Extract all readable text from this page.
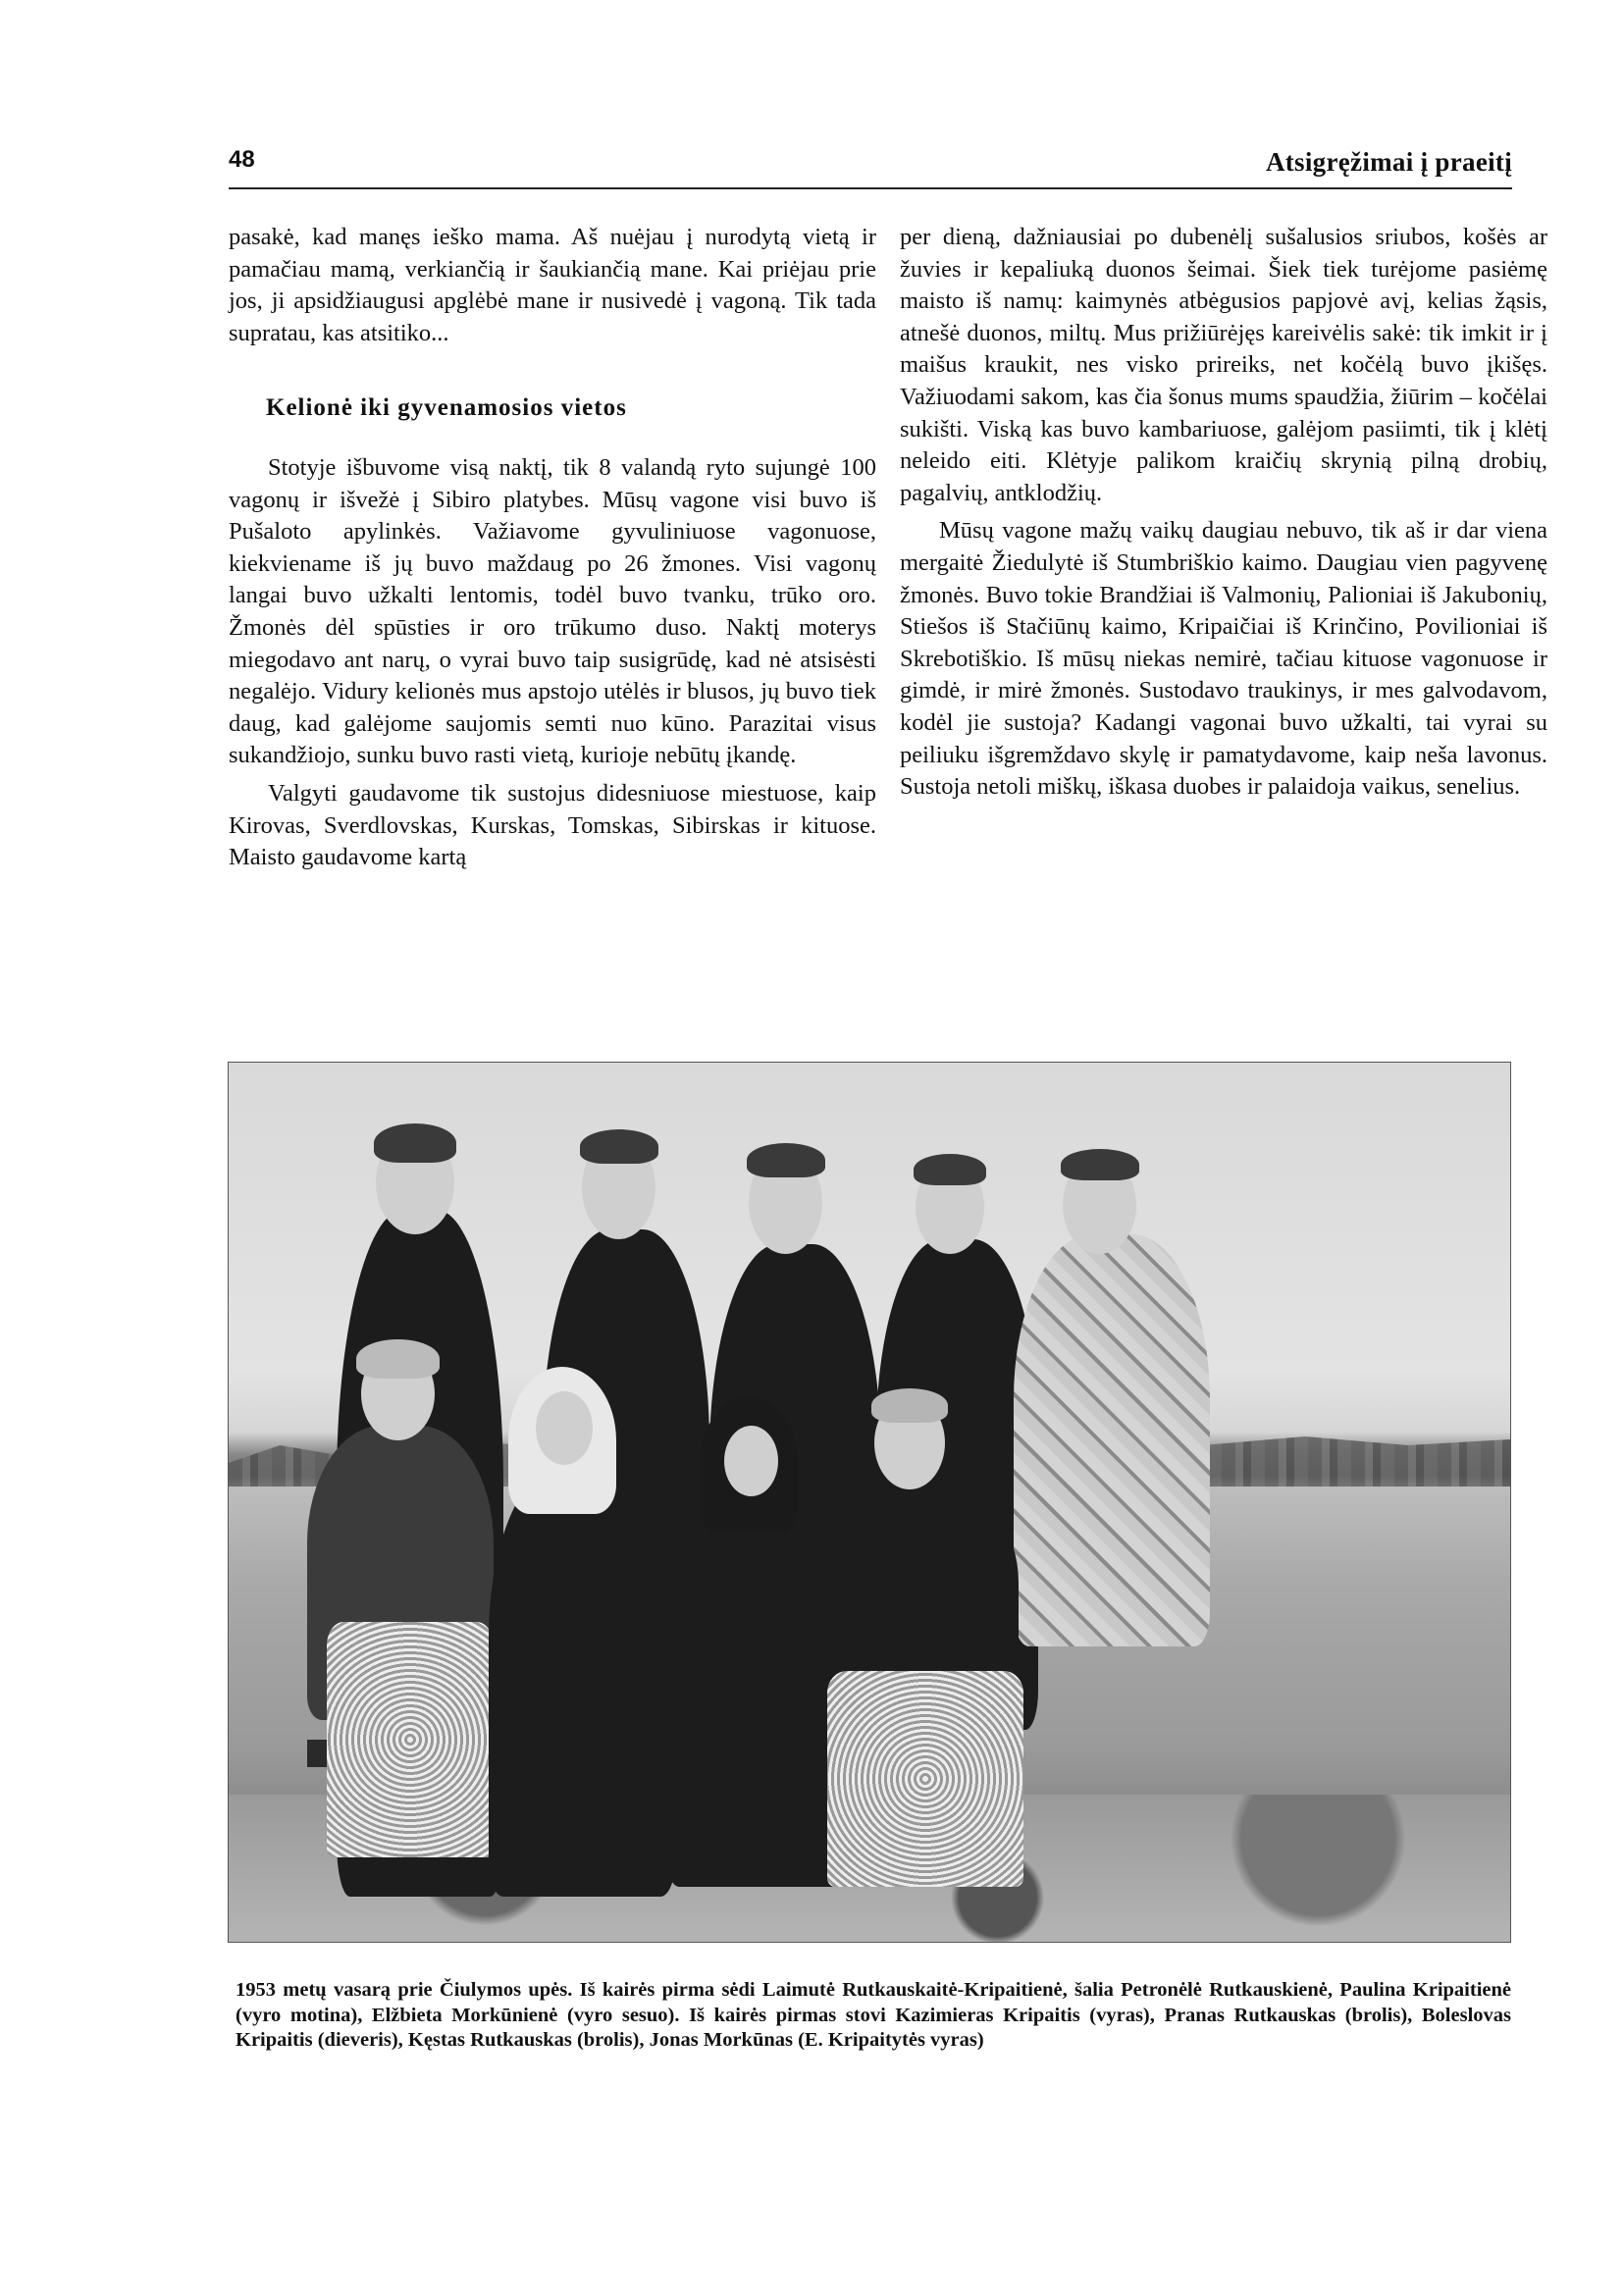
48	Atsigręžimai į praeitį

pasakė, kad manęs ieško mama. Aš nuėjau į nurodytą vietą ir pamačiau mamą, verkiančią ir šaukiančią mane. Kai priėjau prie jos, ji apsidžiaugusi apglėbė mane ir nusivedė į vagoną. Tik tada supratau, kas atsitiko...

Kelionė iki gyvenamosios vietos

Stotyje išbuvome visą naktį, tik 8 valandą ryto sujungė 100 vagonų ir išvežė į Sibiro platybes. Mūsų vagone visi buvo iš Pušaloto apylinkės. Važiavome gyvuliniuose vagonuose, kiekviename iš jų buvo maždaug po 26 žmones. Visi vagonų langai buvo užkalti lentomis, todėl buvo tvanku, trūko oro. Žmonės dėl spūsties ir oro trūkumo duso. Naktį moterys miegodavo ant narų, o vyrai buvo taip susigrūdę, kad nė atsisėsti negalėjo. Vidury kelionės mus apstojo utėlės ir blusos, jų buvo tiek daug, kad galėjome saujomis semti nuo kūno. Parazitai visus sukandžiojo, sunku buvo rasti vietą, kurioje nebūtų įkandę.

Valgyti gaudavome tik sustojus didesniuose miestuose, kaip Kirovas, Sverdlovskas, Kurskas, Tomskas, Sibirskas ir kituose. Maisto gaudavome kartą

per dieną, dažniausiai po dubenėlį sušalusios sriubos, košės ar žuvies ir kepaliuką duonos šeimai. Šiek tiek turėjome pasiėmę maisto iš namų: kaimynės atbėgusios papjovė avį, kelias žąsis, atnešė duonos, miltų. Mus prižiūrėjęs kareivėlis sakė: tik imkit ir į maišus kraukit, nes visko prireiks, net kočėlą buvo įkišęs. Važiuodami sakom, kas čia šonus mums spaudžia, žiūrim – kočėlai sukišti. Viską kas buvo kambariuose, galėjom pasiimti, tik į klėtį neleido eiti. Klėtyje palikom kraičių skrynią pilną drobių, pagalvių, antklodžių.

Mūsų vagone mažų vaikų daugiau nebuvo, tik aš ir dar viena mergaitė Žiedulytė iš Stumbriškio kaimo. Daugiau vien pagyvenę žmonės. Buvo tokie Brandžiai iš Valmonių, Palioniai iš Jakubonių, Stiešos iš Stačiūnų kaimo, Kripaičiai iš Krinčino, Povilioniai iš Skrebotiškio. Iš mūsų niekas nemirė, tačiau kituose vagonuose ir gimdė, ir mirė žmonės. Sustodavo traukinys, ir mes galvodavom, kodėl jie sustoja? Kadangi vagonai buvo užkalti, tai vyrai su peiliuku išgremždavo skylę ir pamatydavome, kaip neša lavonus. Sustoja netoli miškų, iškasa duobes ir palaidoja vaikus, senelius.

1953 metų vasarą prie Čiulymos upės. Iš kairės pirma sėdi Laimutė Rutkauskaitė-Kripaitienė, šalia Petronėlė Rutkauskienė, Paulina Kripaitienė (vyro motina), Elžbieta Morkūnienė (vyro sesuo). Iš kairės pirmas stovi Kazimieras Kripaitis (vyras), Pranas Rutkauskas (brolis), Boleslovas Kripaitis (dieveris), Kęstas Rutkauskas (brolis), Jonas Morkūnas (E. Kripaitytės vyras)
